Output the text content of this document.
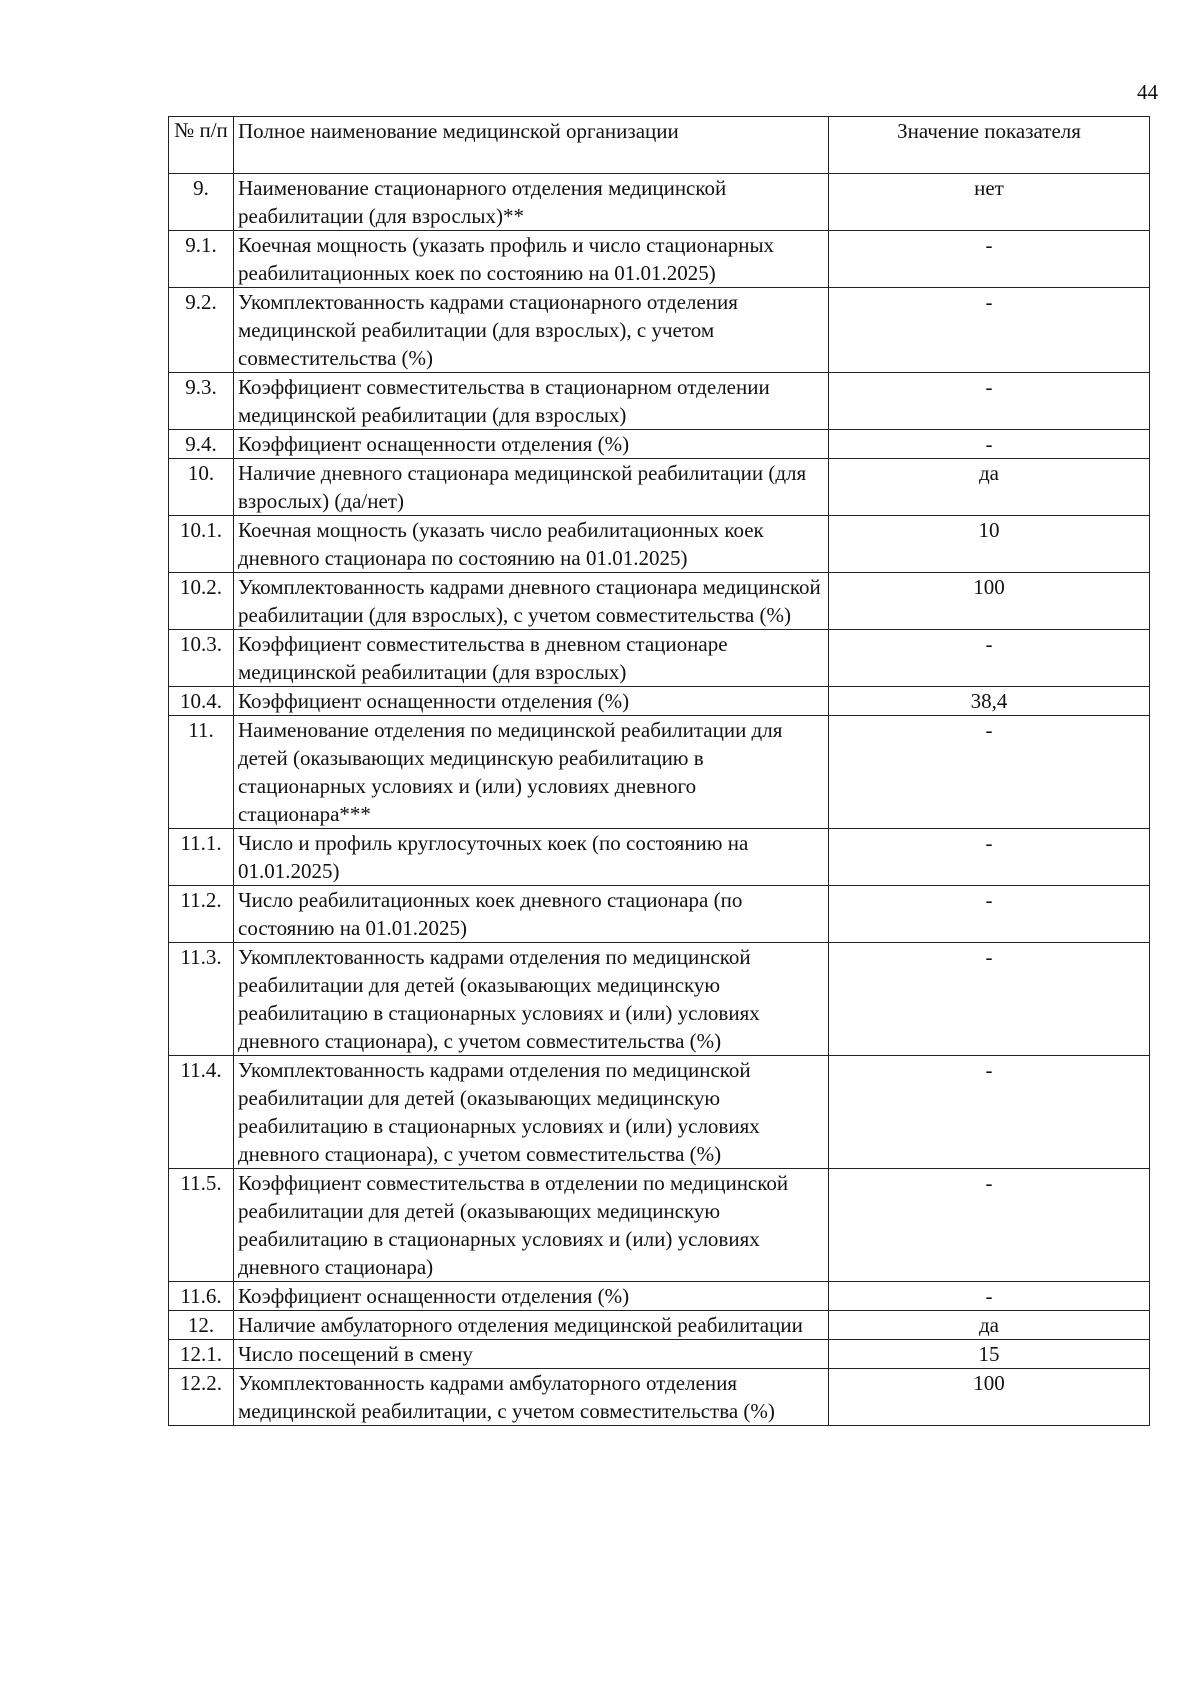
44
№ п/п	Полное наименование медицинской организации	Значение показателя
9.	Наименование стационарного отделения медицинской реабилитации (для взрослых)**	нет
9.1.	Коечная мощность (указать профиль и число стационарных реабилитационных коек по состоянию на 01.01.2025)	-
9.2.	Укомплектованность кадрами стационарного отделения медицинской реабилитации (для взрослых), с учетом совместительства (%)	-
9.3.	Коэффициент совместительства в стационарном отделении медицинской реабилитации (для взрослых)	-
9.4.	Коэффициент оснащенности отделения (%)	-
10.	Наличие дневного стационара медицинской реабилитации (для взрослых) (да/нет)	да
10.1.	Коечная мощность (указать число реабилитационных коек дневного стационара по состоянию на 01.01.2025)	10
10.2.	Укомплектованность кадрами дневного стационара медицинской реабилитации (для взрослых), с учетом совместительства (%)	100
10.3.	Коэффициент совместительства в дневном стационаре медицинской реабилитации (для взрослых)	-
10.4.	Коэффициент оснащенности отделения (%)	38,4
11.	Наименование отделения по медицинской реабилитации для детей (оказывающих медицинскую реабилитацию в стационарных условиях и (или) условиях дневного стационара***	-
11.1.	Число и профиль круглосуточных коек (по состоянию на 01.01.2025)	-
11.2.	Число реабилитационных коек дневного стационара (по состоянию на 01.01.2025)	-
11.3.	Укомплектованность кадрами отделения по медицинской реабилитации для детей (оказывающих медицинскую реабилитацию в стационарных условиях и (или) условиях дневного стационара), с учетом совместительства (%)	-
11.4.	Укомплектованность кадрами отделения по медицинской реабилитации для детей (оказывающих медицинскую реабилитацию в стационарных условиях и (или) условиях дневного стационара), с учетом совместительства (%)	-
11.5.	Коэффициент совместительства в отделении по медицинской реабилитации для детей (оказывающих медицинскую реабилитацию в стационарных условиях и (или) условиях дневного стационара)	-
11.6.	Коэффициент оснащенности отделения (%)	-
12.	Наличие амбулаторного отделения медицинской реабилитации	да
12.1.	Число посещений в смену	15
12.2.	Укомплектованность кадрами амбулаторного отделения медицинской реабилитации, с учетом совместительства (%)	100
